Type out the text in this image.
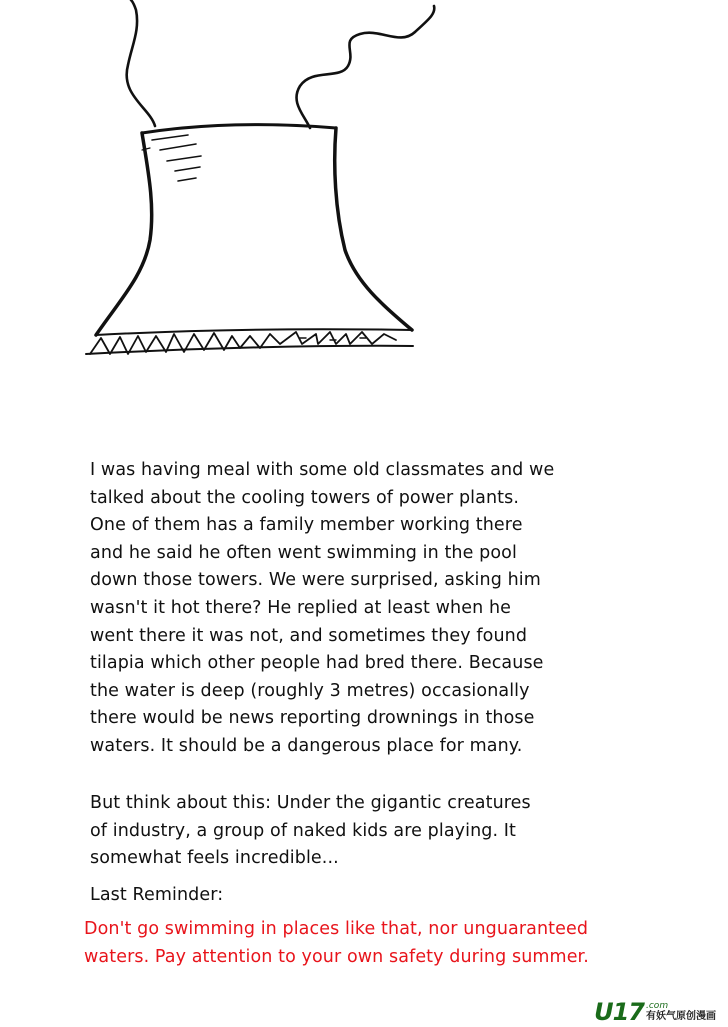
I was having meal with some old classmates and we
talked about the cooling towers of power plants.
One of them has a family member working there
and he said he often went swimming in the pool
down those towers. We were surprised, asking him
wasn't it hot there? He replied at least when he
went there it was not, and sometimes they found
tilapia which other people had bred there. Because
the water is deep (roughly 3 metres) occasionally
there would be news reporting drownings in those
waters. It should be a dangerous place for many.
But think about this: Under the gigantic creatures
of industry, a group of naked kids are playing. It
somewhat feels incredible...
Last Reminder:
Don't go swimming in places like that, nor unguaranteed
waters. Pay attention to your own safety during summer.
U17 .com
有妖气原创漫画
